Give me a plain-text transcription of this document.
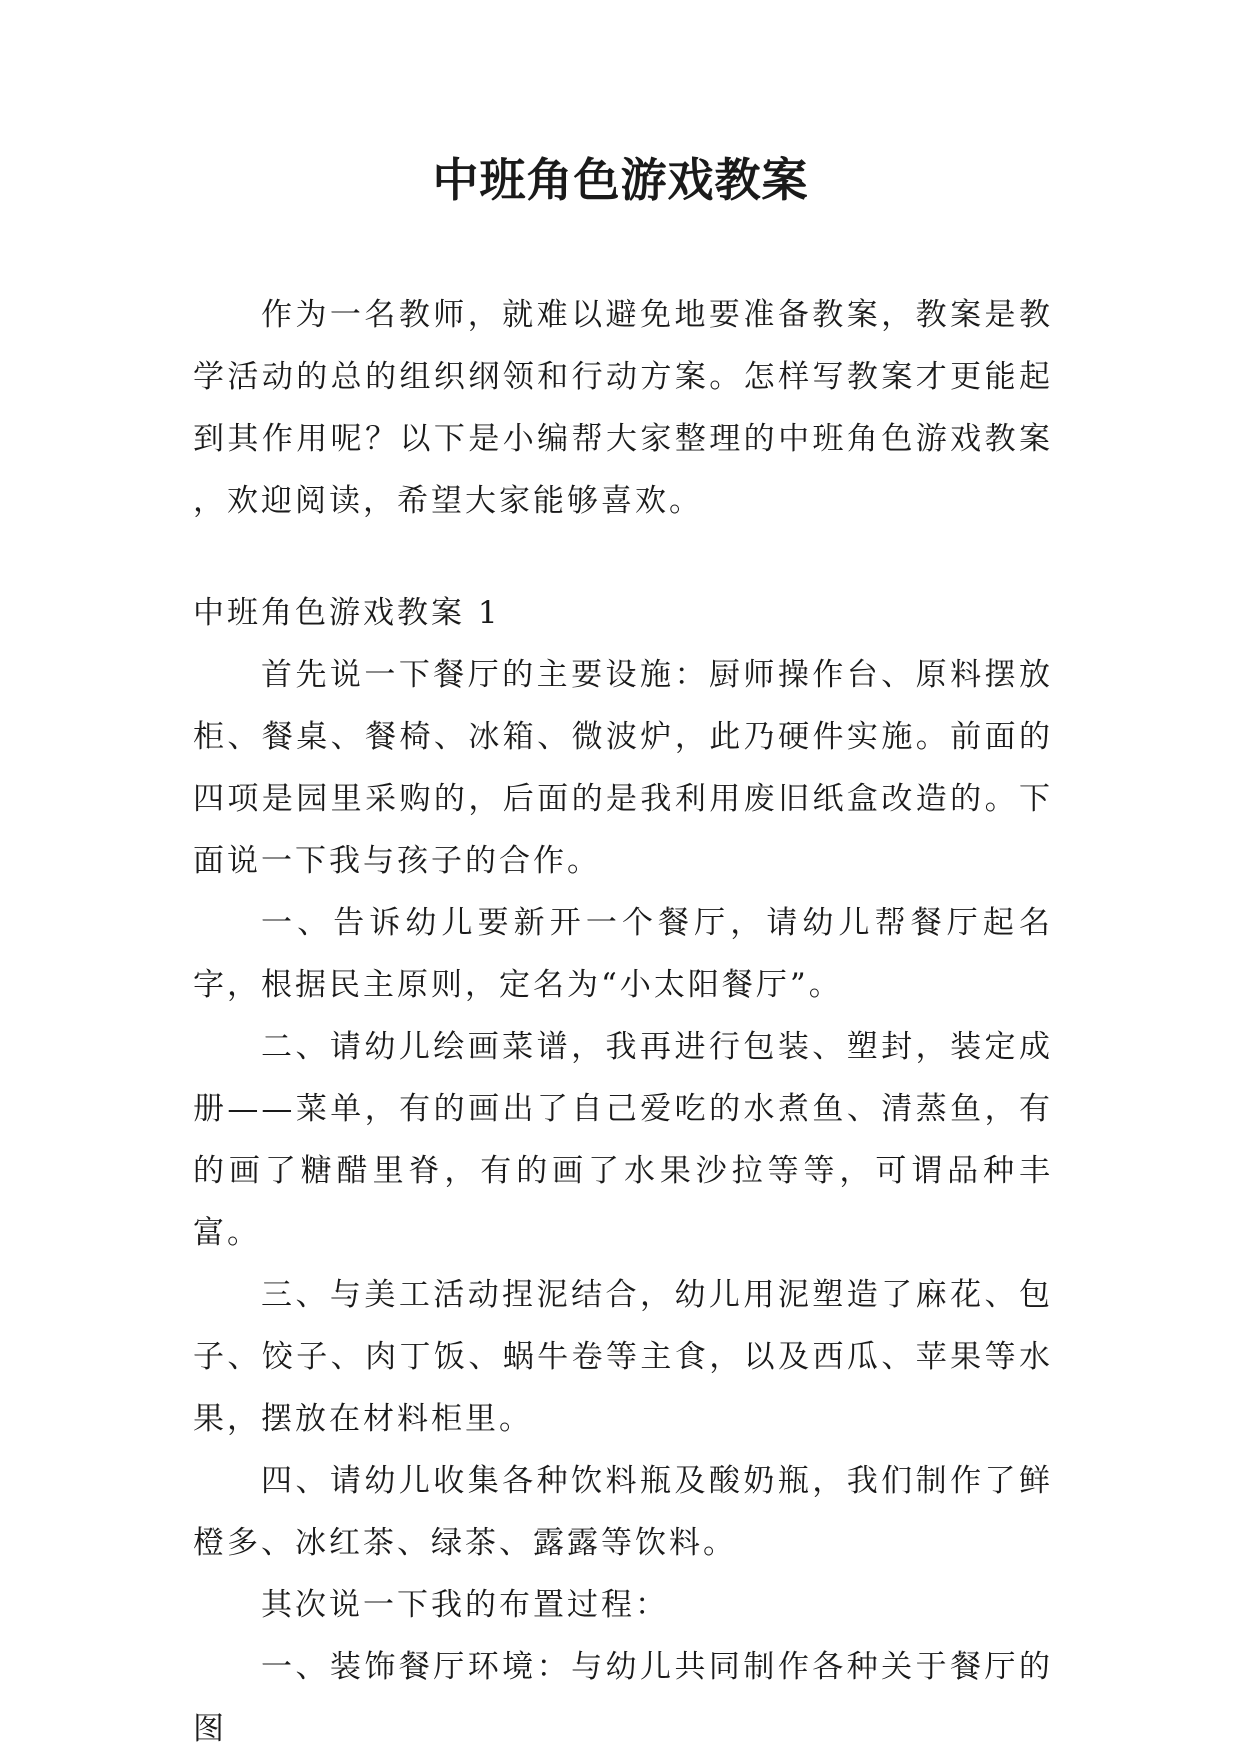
中班角色游戏教案

作为一名教师，就难以避免地要准备教案，教案是教学活动的总的组织纲领和行动方案。怎样写教案才更能起到其作用呢？以下是小编帮大家整理的中班角色游戏教案 ，欢迎阅读，希望大家能够喜欢。

中班角色游戏教案 1

首先说一下餐厅的主要设施：厨师操作台、原料摆放柜、餐桌、餐椅、冰箱、微波炉，此乃硬件实施。前面的四项是园里采购的，后面的是我利用废旧纸盒改造的。下面说一下我与孩子的合作。

一、告诉幼儿要新开一个餐厅，请幼儿帮餐厅起名字，根据民主原则，定名为“小太阳餐厅”。

二、请幼儿绘画菜谱，我再进行包装、塑封，装定成册——菜单，有的画出了自己爱吃的水煮鱼、清蒸鱼，有的画了糖醋里脊，有的画了水果沙拉等等，可谓品种丰富。

三、与美工活动捏泥结合，幼儿用泥塑造了麻花、包子、饺子、肉丁饭、蜗牛卷等主食，以及西瓜、苹果等水果，摆放在材料柜里。

四、请幼儿收集各种饮料瓶及酸奶瓶，我们制作了鲜橙多、冰红茶、绿茶、露露等饮料。

其次说一下我的布置过程：

一、装饰餐厅环境：与幼儿共同制作各种关于餐厅的图
